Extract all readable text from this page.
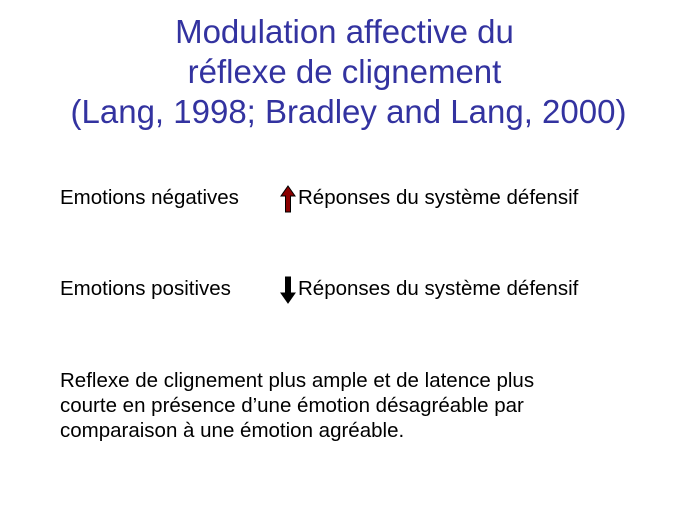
Modulation affective du
réflexe de clignement
(Lang, 1998; Bradley and Lang, 2000)
Emotions négatives	Réponses du système défensif
Emotions positives	Réponses du système défensif

Reflexe de clignement plus ample et de latence plus
courte en présence d’une émotion désagréable par
comparaison à une émotion agréable.
